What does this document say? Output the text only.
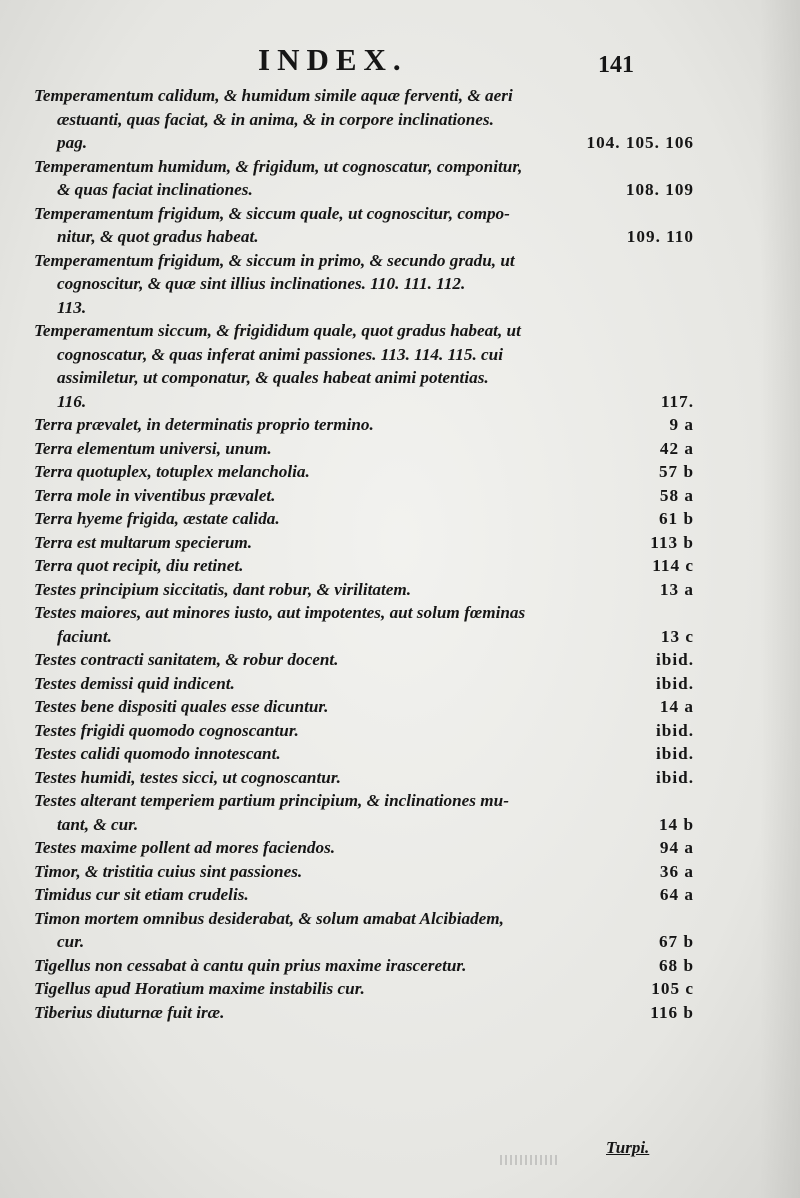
INDEX.	141
Temperamentum calidum, & humidum simile aquæ ferventi, & aeri
æstuanti, quas faciat, & in anima, & in corpore inclinationes.
pag.	104. 105. 106
Temperamentum humidum, & frigidum, ut cognoscatur, componitur,
& quas faciat inclinationes.	108. 109
Temperamentum frigidum, & siccum quale, ut cognoscitur, compo-
nitur, & quot gradus habeat.	109. 110
Temperamentum frigidum, & siccum in primo, & secundo gradu, ut
cognoscitur, & quæ sint illius inclinationes. 110. 111. 112.
113.
Temperamentum siccum, & frigididum quale, quot gradus habeat, ut
cognoscatur, & quas inferat animi passiones. 113. 114. 115. cui
assimiletur, ut componatur, & quales habeat animi potentias.
116.	117.
Terra prævalet, in determinatis proprio termino.	9 a
Terra elementum universi, unum.	42 a
Terra quotuplex, totuplex melancholia.	57 b
Terra mole in viventibus prævalet.	58 a
Terra hyeme frigida, æstate calida.	61 b
Terra est multarum specierum.	113 b
Terra quot recipit, diu retinet.	114 c
Testes principium siccitatis, dant robur, & virilitatem.	13 a
Testes maiores, aut minores iusto, aut impotentes, aut solum fœminas
faciunt.	13 c
Testes contracti sanitatem, & robur docent.	ibid.
Testes demissi quid indicent.	ibid.
Testes bene dispositi quales esse dicuntur.	14 a
Testes frigidi quomodo cognoscantur.	ibid.
Testes calidi quomodo innotescant.	ibid.
Testes humidi, testes sicci, ut cognoscantur.	ibid.
Testes alterant temperiem partium principium, & inclinationes mu-
tant, & cur.	14 b
Testes maxime pollent ad mores faciendos.	94 a
Timor, & tristitia cuius sint passiones.	36 a
Timidus cur sit etiam crudelis.	64 a
Timon mortem omnibus desiderabat, & solum amabat Alcibiadem,
cur.	67 b
Tigellus non cessabat à cantu quin prius maxime irasceretur.	68 b
Tigellus apud Horatium maxime instabilis cur.	105 c
Tiberius diuturnæ fuit iræ.	116 b
Turpi.
